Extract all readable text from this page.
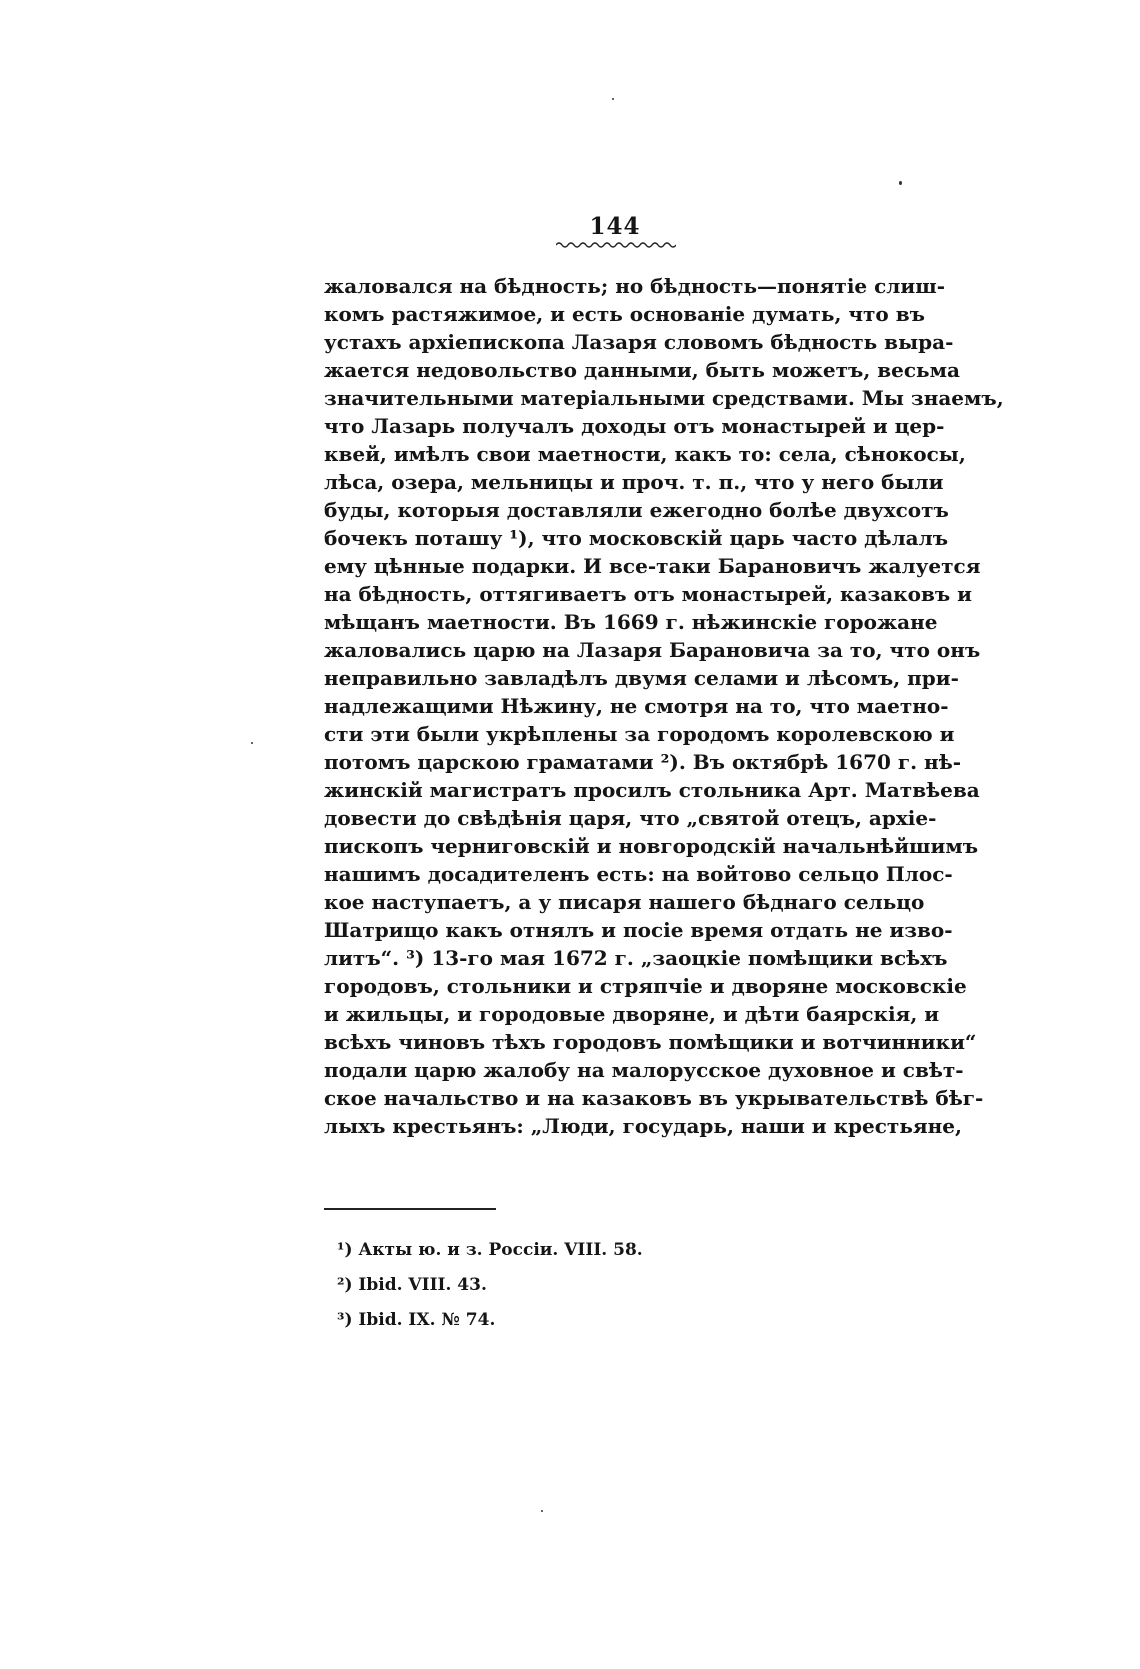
144
жаловался на бѣдность; но бѣдность—понятіе слиш-
комъ растяжимое, и есть основаніе думать, что въ
устахъ архіепископа Лазаря словомъ бѣдность выра-
жается недовольство данными, быть можетъ, весьма
значительными матеріальными средствами. Мы знаемъ,
что Лазарь получалъ доходы отъ монастырей и цер-
квей, имѣлъ свои маетности, какъ то: села, сѣнокосы,
лѣса, озера, мельницы и проч. т. п., что у него были
буды, которыя доставляли ежегодно болѣе двухсотъ
бочекъ поташу ¹), что московскій царь часто дѣлалъ
ему цѣнные подарки. И все-таки Барановичъ жалуется
на бѣдность, оттягиваетъ отъ монастырей, казаковъ и
мѣщанъ маетности. Въ 1669 г. нѣжинскіе горожане
жаловались царю на Лазаря Барановича за то, что онъ
неправильно завладѣлъ двумя селами и лѣсомъ, при-
надлежащими Нѣжину, не смотря на то, что маетно-
сти эти были укрѣплены за городомъ королевскою и
потомъ царскою граматами ²). Въ октябрѣ 1670 г. нѣ-
жинскій магистратъ просилъ стольника Арт. Матвѣева
довести до свѣдѣнія царя, что „святой отецъ, архіе-
пископъ черниговскій и новгородскій начальнѣйшимъ
нашимъ досадителенъ есть: на войтово сельцо Плос-
кое наступаетъ, а у писаря нашего бѣднаго сельцо
Шатрищо какъ отнялъ и посіе время отдать не изво-
литъ“. ³) 13-го мая 1672 г. „заоцкіе помѣщики всѣхъ
городовъ, стольники и стряпчіе и дворяне московскіе
и жильцы, и городовые дворяне, и дѣти баярскія, и
всѣхъ чиновъ тѣхъ городовъ помѣщики и вотчинники“
подали царю жалобу на малорусское духовное и свѣт-
ское начальство и на казаковъ въ укрывательствѣ бѣг-
лыхъ крестьянъ: „Люди, государь, наши и крестьяне,
¹) Акты ю. и з. Россіи. VIII. 58.
²) Ibid. VIII. 43.
³) Ibid. IX. № 74.
